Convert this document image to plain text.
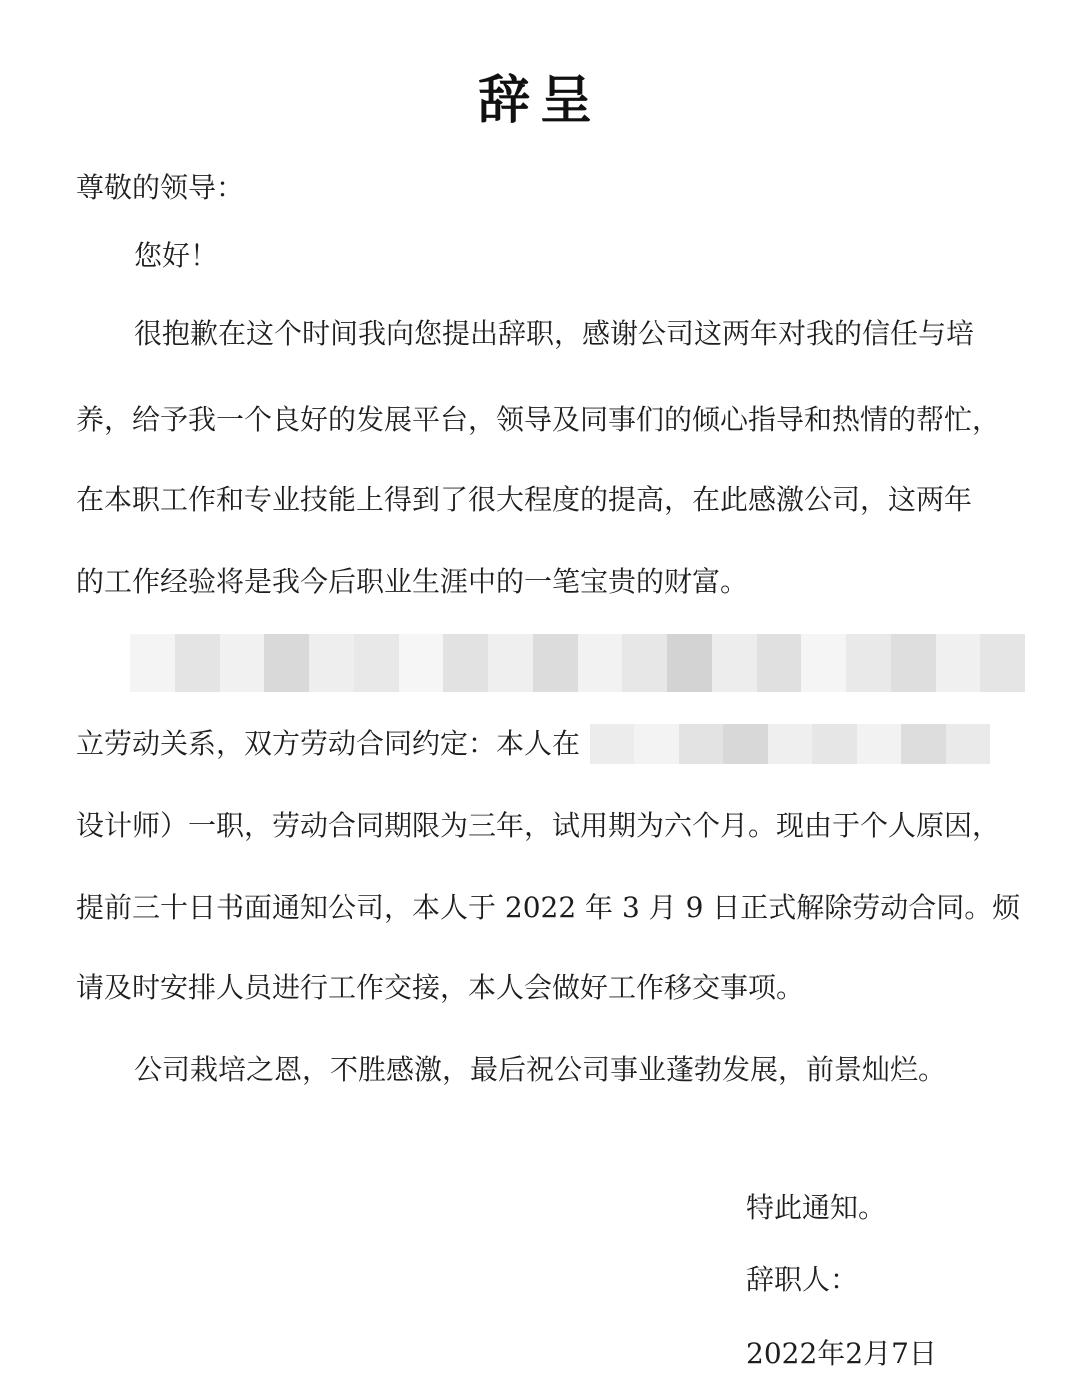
辞呈
尊敬的领导：
您好！
很抱歉在这个时间我向您提出辞职，感谢公司这两年对我的信任与培
养，给予我一个良好的发展平台，领导及同事们的倾心指导和热情的帮忙，
在本职工作和专业技能上得到了很大程度的提高，在此感激公司，这两年
的工作经验将是我今后职业生涯中的一笔宝贵的财富。
立劳动关系，双方劳动合同约定：本人在
设计师）一职，劳动合同期限为三年，试用期为六个月。现由于个人原因，
提前三十日书面通知公司，本人于 2022 年 3 月 9 日正式解除劳动合同。烦
请及时安排人员进行工作交接，本人会做好工作移交事项。
公司栽培之恩，不胜感激，最后祝公司事业蓬勃发展，前景灿烂。
特此通知。
辞职人：
2022年2月7日
